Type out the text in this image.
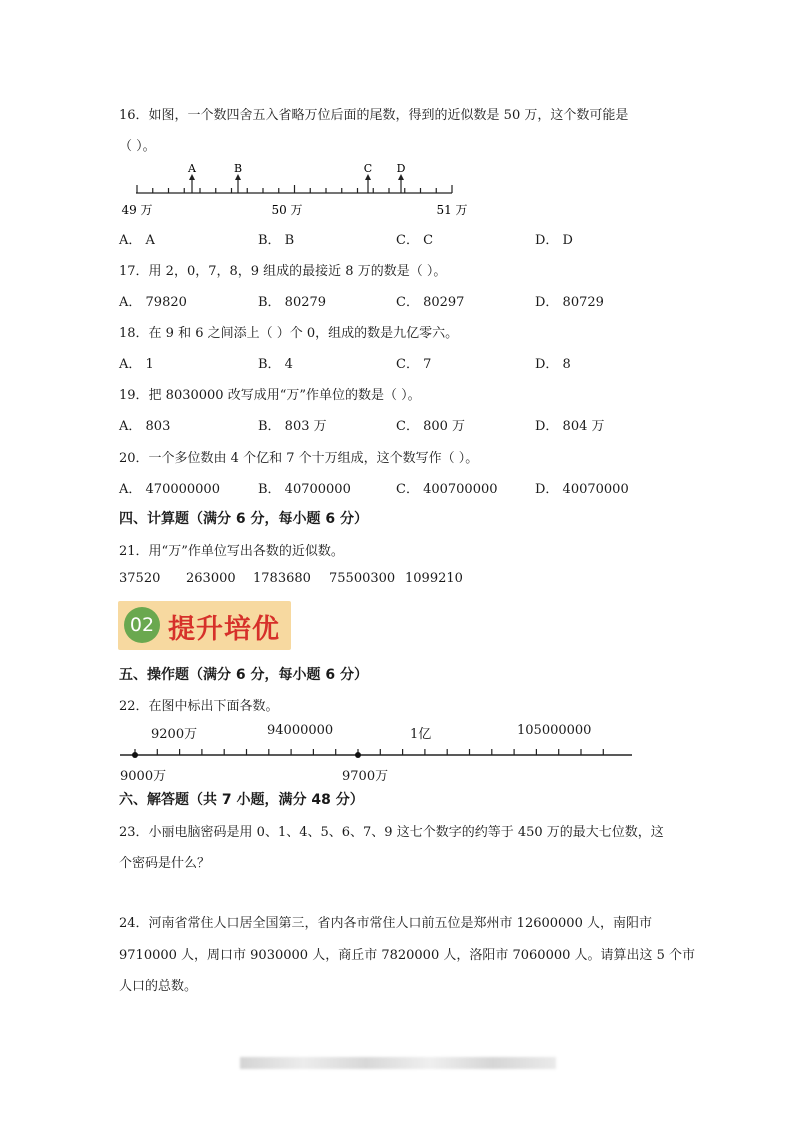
16．如图，一个数四舍五入省略万位后面的尾数，得到的近似数是 50 万，这个数可能是
（ ）。
A	B	C D
49 万	50 万	51 万
A． A	B． B	C． C	D． D
17．用 2，0，7，8，9 组成的最接近 8 万的数是（ ）。
A． 79820	B． 80279	C． 80297	D． 80729
18．在 9 和 6 之间添上（ ）个 0，组成的数是九亿零六。
A． 1	B． 4	C． 7	D． 8
19．把 8030000 改写成用“万”作单位的数是（ ）。
A． 803	B． 803 万	C． 800 万	D． 804 万
20．一个多位数由 4 个亿和 7 个十万组成，这个数写作（ ）。
A． 470000000	B． 40700000	C． 400700000	D． 40070000
四、计算题（满分 6 分，每小题 6 分）
21．用“万”作单位写出各数的近似数。
37520 263000 1783680 75500300 1099210
02 提升培优
五、操作题（满分 6 分，每小题 6 分）
22．在图中标出下面各数。
9200万	94000000	1亿	105000000
9000万	9700万
六、解答题（共 7 小题，满分 48 分）
23．小丽电脑密码是用 0、1、4、5、6、7、9 这七个数字的约等于 450 万的最大七位数，这
个密码是什么？
24．河南省常住人口居全国第三，省内各市常住人口前五位是郑州市 12600000 人，南阳市
9710000 人，周口市 9030000 人，商丘市 7820000 人，洛阳市 7060000 人。请算出这 5 个市
人口的总数。
